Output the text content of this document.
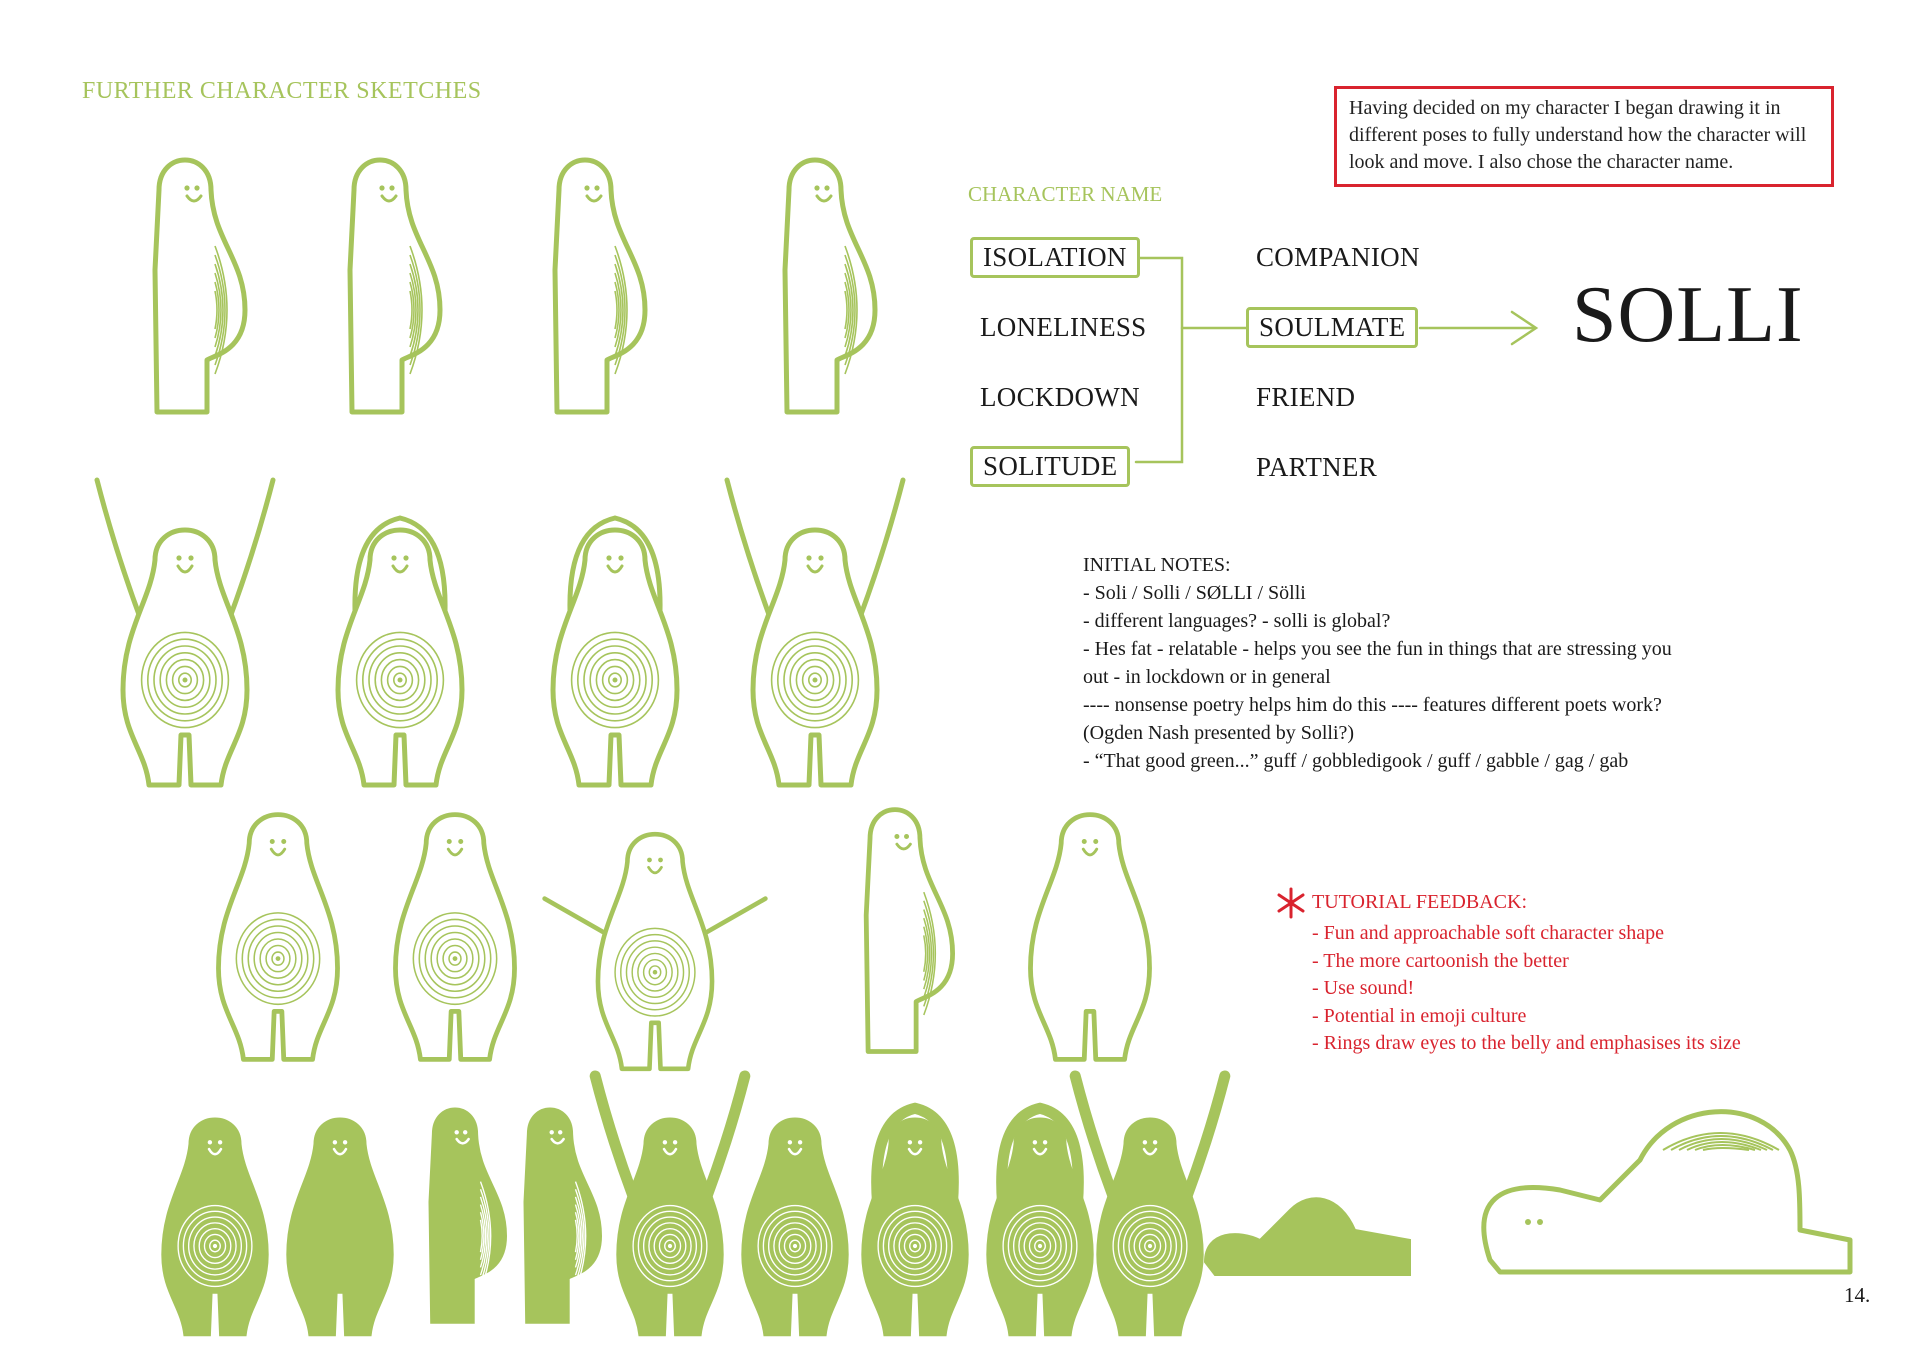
FURTHER CHARACTER SKETCHES
Having decided on my character I began drawing it in different poses to fully understand how the character will look and move. I also chose the character name.
CHARACTER NAME
ISOLATION
LONELINESS
LOCKDOWN
SOLITUDE
COMPANION
SOULMATE
FRIEND
PARTNER
SOLLI
INITIAL NOTES:
- Soli / Solli / SØLLI / Sölli
- different languages? - solli is global?
- Hes fat - relatable - helps you see the fun in things that are stressing you
out - in lockdown or in general
---- nonsense poetry helps him do this ---- features different poets work?
(Ogden Nash presented by Solli?)
- “That good green...” guff / gobbledigook / guff / gabble / gag / gab
TUTORIAL FEEDBACK:
- Fun and approachable soft character shape
- The more cartoonish the better
- Use sound!
- Potential in emoji culture
- Rings draw eyes to the belly and emphasises its size
14.
